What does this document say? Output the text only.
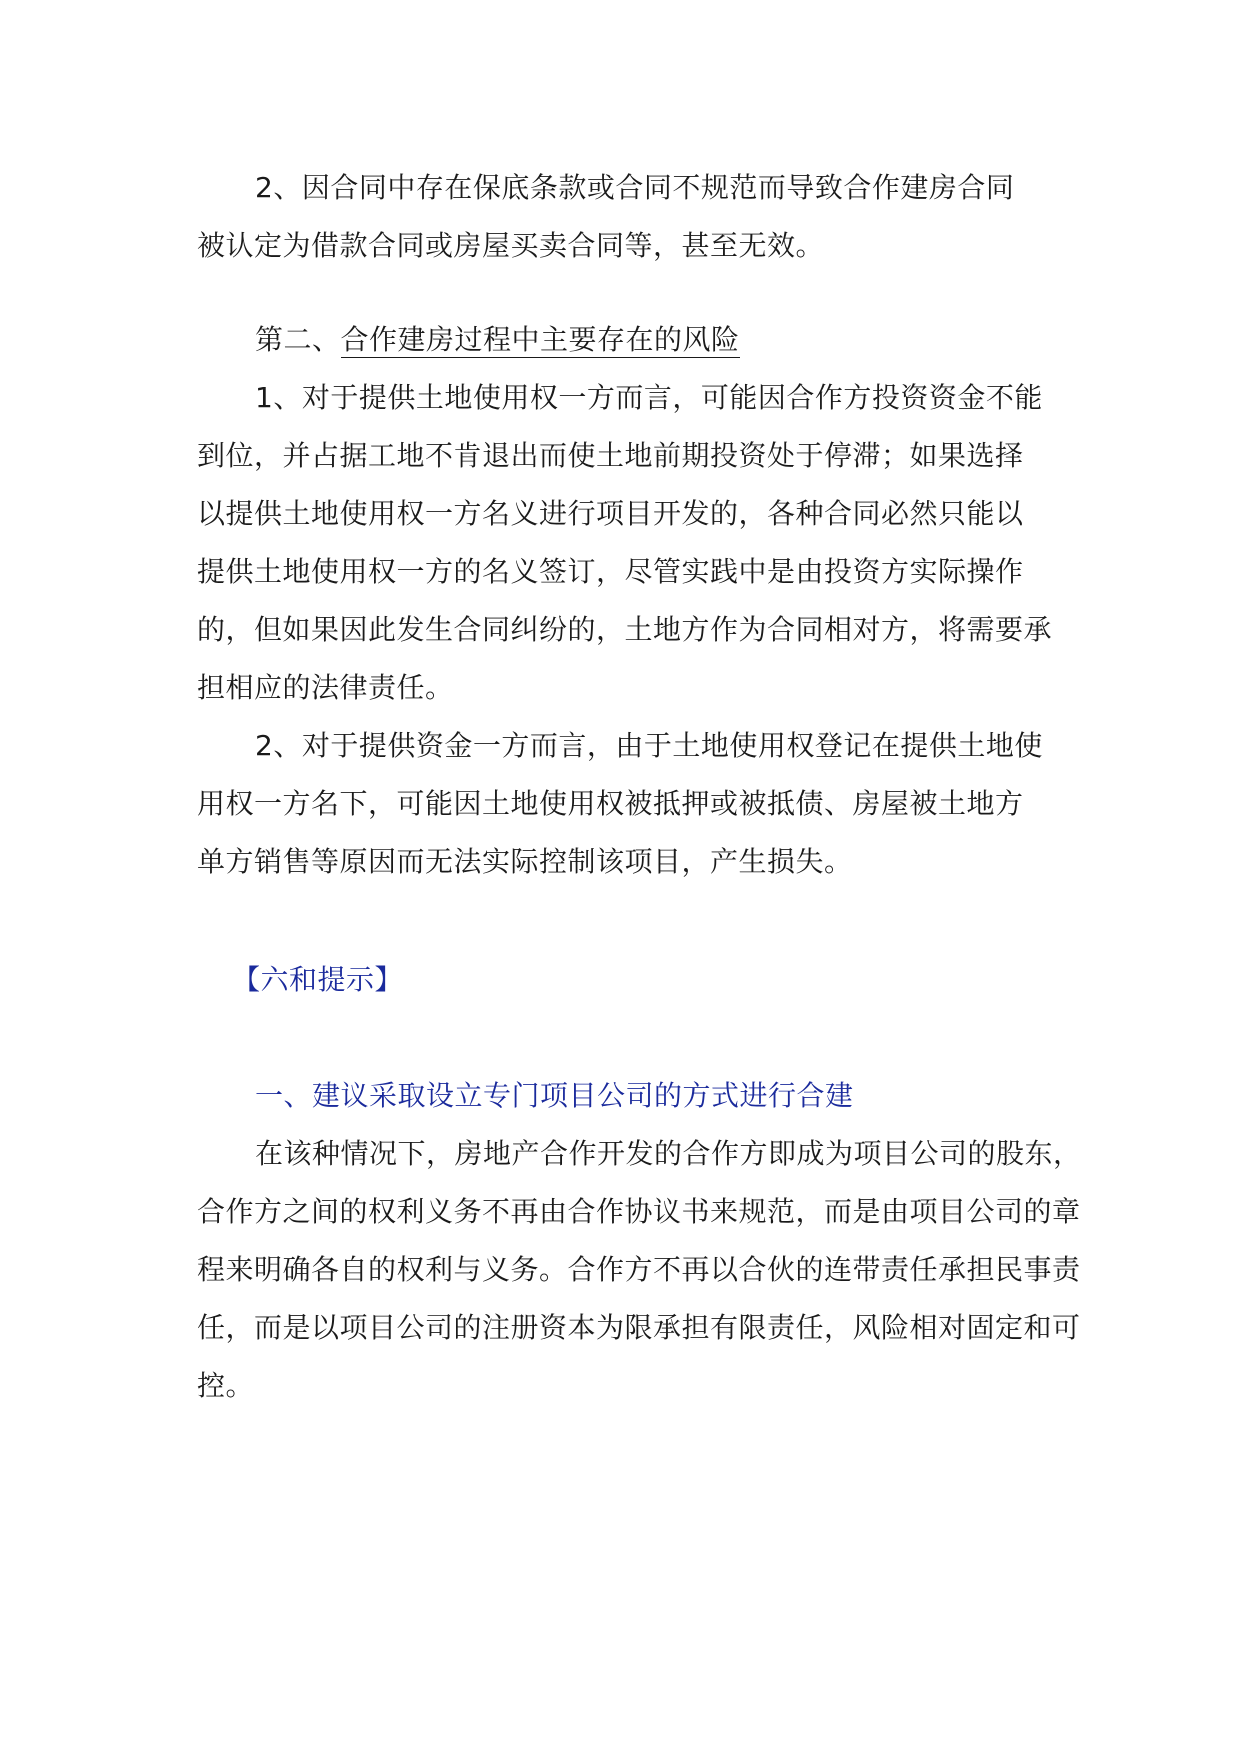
2、因合同中存在保底条款或合同不规范而导致合作建房合同
被认定为借款合同或房屋买卖合同等，甚至无效。
第二、合作建房过程中主要存在的风险
1、对于提供土地使用权一方而言，可能因合作方投资资金不能
到位，并占据工地不肯退出而使土地前期投资处于停滞；如果选择
以提供土地使用权一方名义进行项目开发的，各种合同必然只能以
提供土地使用权一方的名义签订，尽管实践中是由投资方实际操作
的，但如果因此发生合同纠纷的，土地方作为合同相对方，将需要承
担相应的法律责任。
2、对于提供资金一方而言，由于土地使用权登记在提供土地使
用权一方名下，可能因土地使用权被抵押或被抵债、房屋被土地方
单方销售等原因而无法实际控制该项目，产生损失。
【六和提示】
一、建议采取设立专门项目公司的方式进行合建
在该种情况下，房地产合作开发的合作方即成为项目公司的股东，
合作方之间的权利义务不再由合作协议书来规范，而是由项目公司的章
程来明确各自的权利与义务。合作方不再以合伙的连带责任承担民事责
任，而是以项目公司的注册资本为限承担有限责任，风险相对固定和可
控。
